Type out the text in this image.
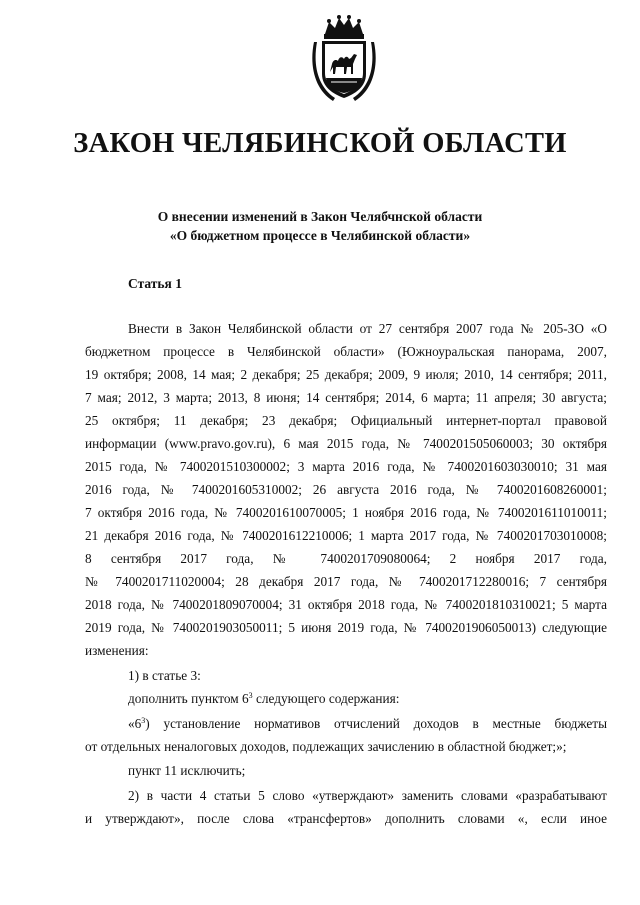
ЗАКОН ЧЕЛЯБИНСКОЙ ОБЛАСТИ
О внесении изменений в Закон Челябчнской области
«О бюджетном процессе в Челябинской области»
Статья 1
Внести в Закон Челябинской области от 27 сентября 2007 года № 205-ЗО «О
бюджетном процессе в Челябинской области» (Южноуральская панорама, 2007,
19 октября; 2008, 14 мая; 2 декабря; 25 декабря; 2009, 9 июля; 2010, 14 сентября; 2011,
7 мая; 2012, 3 марта; 2013, 8 июня; 14 сентября; 2014, 6 марта; 11 апреля; 30 августа;
25 октября; 11 декабря; 23 декабря; Официальный интернет-портал правовой
информации (www.pravo.gov.ru), 6 мая 2015 года, № 7400201505060003; 30 октября
2015 года, № 7400201510300002; 3 марта 2016 года, № 7400201603030010; 31 мая
2016 года, № 7400201605310002; 26 августа 2016 года, № 7400201608260001;
7 октября 2016 года, № 7400201610070005; 1 ноября 2016 года, № 7400201611010011;
21 декабря 2016 года, № 7400201612210006; 1 марта 2017 года, № 7400201703010008;
8 сентября 2017 года, № 7400201709080064; 2 ноября 2017 года,
№ 7400201711020004; 28 декабря 2017 года, № 7400201712280016; 7 сентября
2018 года, № 7400201809070004; 31 октября 2018 года, № 7400201810310021; 5 марта
2019 года, № 7400201903050011; 5 июня 2019 года, № 7400201906050013) следующие
изменения:
1) в статье 3:
дополнить пунктом $6^3$ следующего содержания:
«$6^3$) установление нормативов отчислений доходов в местные бюджеты
от отдельных неналоговых доходов, подлежащих зачислению в областной бюджет;»;
пункт 11 исключить;
2) в части 4 статьи 5 слово «утверждают» заменить словами «разрабатывают
и утверждают», после слова «трансфертов» дополнить словами «, если иное
